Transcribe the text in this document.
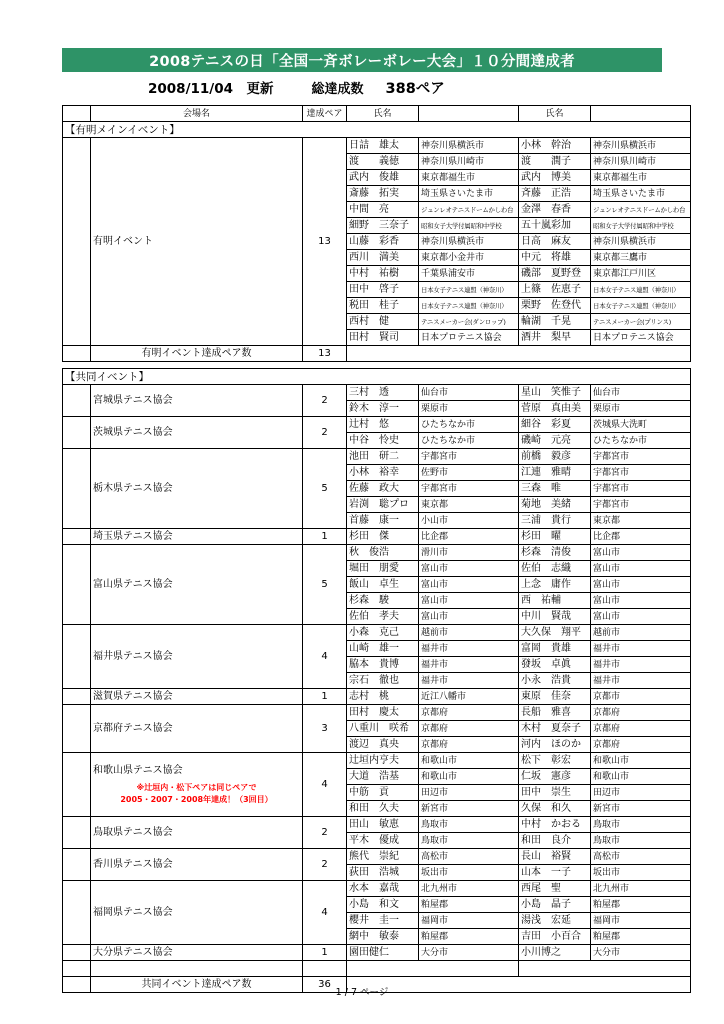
2008テニスの日「全国一斉ボレーボレー大会」１０分間達成者
2008/11/04　更新	総達成数 388ペア
	会場名	達成ペア	氏名		氏名	
【有明メインイベント】						

	有明イベント	13	日詰　雄太	神奈川県横浜市	小林　幹治	神奈川県横浜市
			渡　　義徳	神奈川県川崎市	渡　　潤子	神奈川県川崎市
			武内　俊雄	東京都福生市	武内　博美	東京都福生市
			斎藤　拓実	埼玉県さいたま市	斉藤　正浩	埼玉県さいたま市
			中間　亮	ジュンレオテニスドームかしわ台	金澤　春香	ジュンレオテニスドームかしわ台
			細野　三奈子	昭和女子大学付属昭和中学校	五十嵐彩加	昭和女子大学付属昭和中学校
			山藤　彩香	神奈川県横浜市	日高　麻友	神奈川県横浜市
			西川　満美	東京都小金井市	中元　将雄	東京都三鷹市
			中村　祐樹	千葉県浦安市	磯部　夏野登	東京都江戸川区
			田中　啓子	日本女子テニス連盟（神奈川）	上篠　佐恵子	日本女子テニス連盟（神奈川）
			税田　桂子	日本女子テニス連盟（神奈川）	栗野　佐登代	日本女子テニス連盟（神奈川）
			西村　健	テニスメーカー会(ダンロップ)	輪湖　千晃	テニスメーカー会(プリンス)
			田村　賢司	日本プロテニス協会	酒井　梨早	日本プロテニス協会
	有明イベント達成ペア数	13				
【共同イベント】						

	宮城県テニス協会	2	三村　透	仙台市	星山　笑惟子	仙台市
			鈴木　淳一	栗原市	菅原　真由美	栗原市

	茨城県テニス協会	2	辻村　悠	ひたちなか市	細谷　彩夏	茨城県大洗町
			中谷　怜史	ひたちなか市	磯崎　元亮	ひたちなか市

	栃木県テニス協会	5	池田　研二	宇都宮市	前橋　毅彦	宇都宮市
			小林　裕幸	佐野市	江連　雅晴	宇都宮市
			佐藤　政大	宇都宮市	三森　唯	宇都宮市
			岩渕　聡プロ	東京都	菊地　美緒	宇都宮市
			首藤　康一	小山市	三浦　貴行	東京都

	埼玉県テニス協会	1	杉田　傑	比企郡	杉田　曜	比企郡

	富山県テニス協会	5	秋　俊浩	滑川市	杉森　清俊	富山市
			堀田　朋愛	富山市	佐伯　志織	富山市
			飯山　卓生	富山市	上念　庸作	富山市
			杉森　駿	富山市	西　祐輔	富山市
			佐伯　孝夫	富山市	中川　賢哉	富山市

	福井県テニス協会	4	小森　克己	越前市	大久保　翔平	越前市
			山崎　雄一	福井市	富岡　貴雄	福井市
			脇本　貴博	福井市	發坂　卓眞	福井市
			宗石　徹也	福井市	小永　浩貴	福井市

	滋賀県テニス協会	1	志村　桃	近江八幡市	東原　佳奈	京都市

	京都府テニス協会	3	田村　慶太	京都府	長船　雅喜	京都府
			八重川　咲希	京都府	木村　夏奈子	京都府
			渡辺　真央	京都府	河内　ほのか	京都府

	和歌山県テニス協会
※辻垣内・松下ペアは同じペアで
2005・2007・2008年達成！（3回目）	4	辻垣内亨夫	和歌山市	松下　彰宏	和歌山市
			大道　浩基	和歌山市	仁坂　憲彦	和歌山市
			中筋　貢	田辺市	田中　崇生	田辺市
			和田　久夫	新宮市	久保　和久	新宮市

	鳥取県テニス協会	2	田山　敏恵	鳥取市	中村　かおる	鳥取市
			平木　優成	鳥取市	和田　良介	鳥取市

	香川県テニス協会	2	熊代　崇紀	高松市	長山　裕賢	高松市
			荻田　浩城	坂出市	山本　一子	坂出市

	福岡県テニス協会	4	水本　嘉哉	北九州市	西尾　聖	北九州市
			小島　和文	粕屋郡	小島　晶子	粕屋郡
			櫻井　圭一	福岡市	湯浅　宏延	福岡市
			網中　敏泰	粕屋郡	吉田　小百合	粕屋郡

	大分県テニス協会	1	園田健仁	大分市	小川博之	大分市

	共同イベント達成ペア数	36				
1 / 7 ページ
